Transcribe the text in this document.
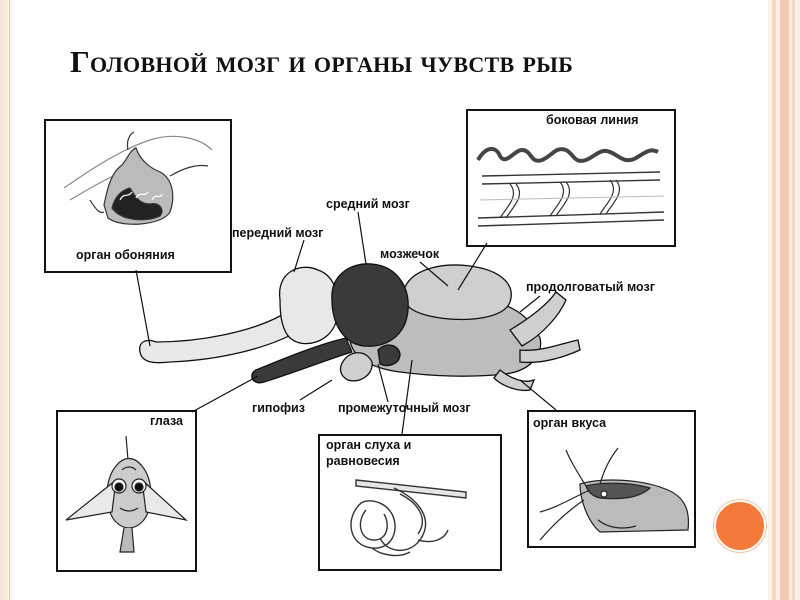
Головной мозг и органы чувств рыб
орган обоняния
боковая линия
глаза
орган слуха и
равновесия
орган вкуса
средний мозг
передний мозг
мозжечок
продолговатый мозг
гипофиз	промежуточный мозг
